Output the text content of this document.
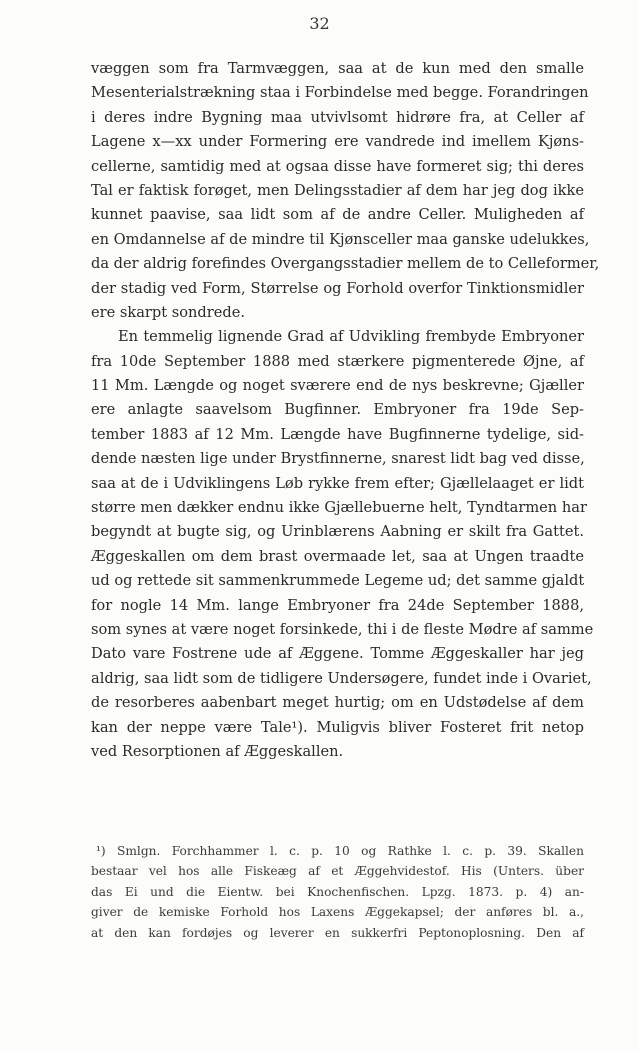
32
væggen som fra Tarmvæggen, saa at de kun med den smalle
Mesenterialstrækning staa i Forbindelse med begge. Forandringen
i deres indre Bygning maa utvivlsomt hidrøre fra, at Celler af
Lagene x—xx under Formering ere vandrede ind imellem Kjøns-
cellerne, samtidig med at ogsaa disse have formeret sig; thi deres
Tal er faktisk forøget, men Delingsstadier af dem har jeg dog ikke
kunnet paavise, saa lidt som af de andre Celler. Muligheden af
en Omdannelse af de mindre til Kjønsceller maa ganske udelukkes,
da der aldrig forefindes Overgangsstadier mellem de to Celleformer,
der stadig ved Form, Størrelse og Forhold overfor Tinktionsmidler
ere skarpt sondrede.
En temmelig lignende Grad af Udvikling frembyde Embryoner
fra 10de September 1888 med stærkere pigmenterede Øjne, af
11 Mm. Længde og noget sværere end de nys beskrevne; Gjæller
ere anlagte saavelsom Bugfinner. Embryoner fra 19de Sep-
tember 1883 af 12 Mm. Længde have Bugfinnerne tydelige, sid-
dende næsten lige under Brystfinnerne, snarest lidt bag ved disse,
saa at de i Udviklingens Løb rykke frem efter; Gjællelaaget er lidt
større men dækker endnu ikke Gjællebuerne helt, Tyndtarmen har
begyndt at bugte sig, og Urinblærens Aabning er skilt fra Gattet.
Æggeskallen om dem brast overmaade let, saa at Ungen traadte
ud og rettede sit sammenkrummede Legeme ud; det samme gjaldt
for nogle 14 Mm. lange Embryoner fra 24de September 1888,
som synes at være noget forsinkede, thi i de fleste Mødre af samme
Dato vare Fostrene ude af Æggene. Tomme Æggeskaller har jeg
aldrig, saa lidt som de tidligere Undersøgere, fundet inde i Ovariet,
de resorberes aabenbart meget hurtig; om en Udstødelse af dem
kan der neppe være Tale¹). Muligvis bliver Fosteret frit netop
ved Resorptionen af Æggeskallen.
¹) Smlgn. Forchhammer l. c. p. 10 og Rathke l. c. p. 39. Skallen
bestaar vel hos alle Fiskeæg af et Æggehvidestof. His (Unters. über
das Ei und die Eientw. bei Knochenfischen. Lpzg. 1873. p. 4) an-
giver de kemiske Forhold hos Laxens Æggekapsel; der anføres bl. a.,
at den kan fordøjes og leverer en sukkerfri Peptonoplosning. Den af
